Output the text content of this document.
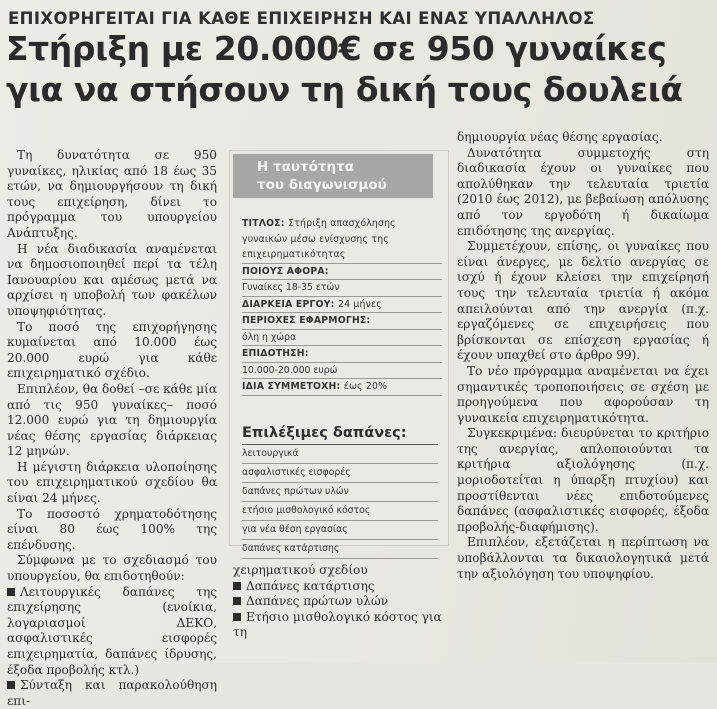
ΕΠΙΧΟΡΗΓΕΙΤΑΙ ΓΙΑ ΚΑΘΕ ΕΠΙΧΕΙΡΗΣΗ ΚΑΙ ΕΝΑΣ ΥΠΑΛΛΗΛΟΣ
Στήριξη με 20.000€ σε 950 γυναίκες
για να στήσουν τη δική τους δουλειά

Τη δυνατότητα σε 950 γυναίκες, ηλικίας από 18 έως 35 ετών, να δημιουργήσουν τη δική τους επιχείρηση, δίνει το πρόγραμμα του υπουργείου Ανάπτυξης.

Η νέα διαδικασία αναμένεται να δημοσιοποιηθεί περί τα τέλη Ιανουαρίου και αμέσως μετά να αρχίσει η υποβολή των φακέλων υποψηφιότητας.

Το ποσό της επιχορήγησης κυμαίνεται από 10.000 έως 20.000 ευρώ για κάθε επιχειρηματικό σχέδιο.

Επιπλέον, θα δοθεί –σε κάθε μία από τις 950 γυναίκες– ποσό 12.000 ευρώ για τη δημιουργία νέας θέσης εργασίας διάρκειας 12 μηνών.

Η μέγιστη διάρκεια υλοποίησης του επιχειρηματικού σχεδίου θα είναι 24 μήνες.

Το ποσοστό χρηματοδότησης είναι 80 έως 100% της επένδυσης.

Σύμφωνα με το σχεδιασμό του υπουργείου, θα επιδοτηθούν:

Λειτουργικές δαπάνες της επιχείρησης (ενοίκια, λογαριασμοί ΔΕΚΟ, ασφαλιστικές εισφορές επιχειρηματία, δαπάνες ίδρυσης, έξοδα προβολής κτλ.)

Σύνταξη και παρακολούθηση επι-

Η ταυτότητα
του διαγωνισμού
ΤΙΤΛΟΣ: Στήριξη απασχόλησης γυναικών μέσω ενίσχυσης της επιχειρηματικότητας
ΠΟΙΟΥΣ ΑΦΟΡΑ:
Γυναίκες 18-35 ετών
ΔΙΑΡΚΕΙΑ ΕΡΓΟΥ: 24 μήνες
ΠΕΡΙΟΧΕΣ ΕΦΑΡΜΟΓΗΣ:
όλη η χώρα
ΕΠΙΔΟΤΗΣΗ:
10.000-20.000 ευρώ
ΙΔΙΑ ΣΥΜΜΕΤΟΧΗ: έως 20%
Επιλέξιμες δαπάνες:
λειτουργικά
ασφαλιστικές εισφορές
δαπάνες πρώτων υλών
ετήσιο μισθολογικό κόστος
για νέα θέση εργασίας
δαπάνες κατάρτισης

χειρηματικού σχεδίου

Δαπάνες κατάρτισης

Δαπάνες πρώτων υλών

Ετήσιο μισθολογικό κόστος για τη

δημιουργία νέας θέσης εργασίας.

Δυνατότητα συμμετοχής στη διαδικασία έχουν οι γυναίκες που απολύθηκαν την τελευταία τριετία (2010 έως 2012), με βεβαίωση απόλυσης από τον εργοδότη ή δικαίωμα επιδότησης της ανεργίας.

Συμμετέχουν, επίσης, οι γυναίκες που είναι άνεργες, με δελτίο ανεργίας σε ισχύ ή έχουν κλείσει την επιχείρησή τους την τελευταία τριετία ή ακόμα απειλούνται από την ανεργία (π.χ. εργαζόμενες σε επιχειρήσεις που βρίσκονται σε επίσχεση εργασίας ή έχουν υπαχθεί στο άρθρο 99).

Το νέο πρόγραμμα αναμένεται να έχει σημαντικές τροποποιήσεις σε σχέση με προηγούμενα που αφορούσαν τη γυναικεία επιχειρηματικότητα.

Συγκεκριμένα: διευρύνεται το κριτήριο της ανεργίας, απλοποιούνται τα κριτήρια αξιολόγησης (π.χ. μοριοδοτείται η ύπαρξη πτυχίου) και προστίθενται νέες επιδοτούμενες δαπάνες (ασφαλιστικές εισφορές, έξοδα προβολής-διαφήμισης).

Επιπλέον, εξετάζεται η περίπτωση να υποβάλλονται τα δικαιολογητικά μετά την αξιολόγηση του υποψηφίου.
